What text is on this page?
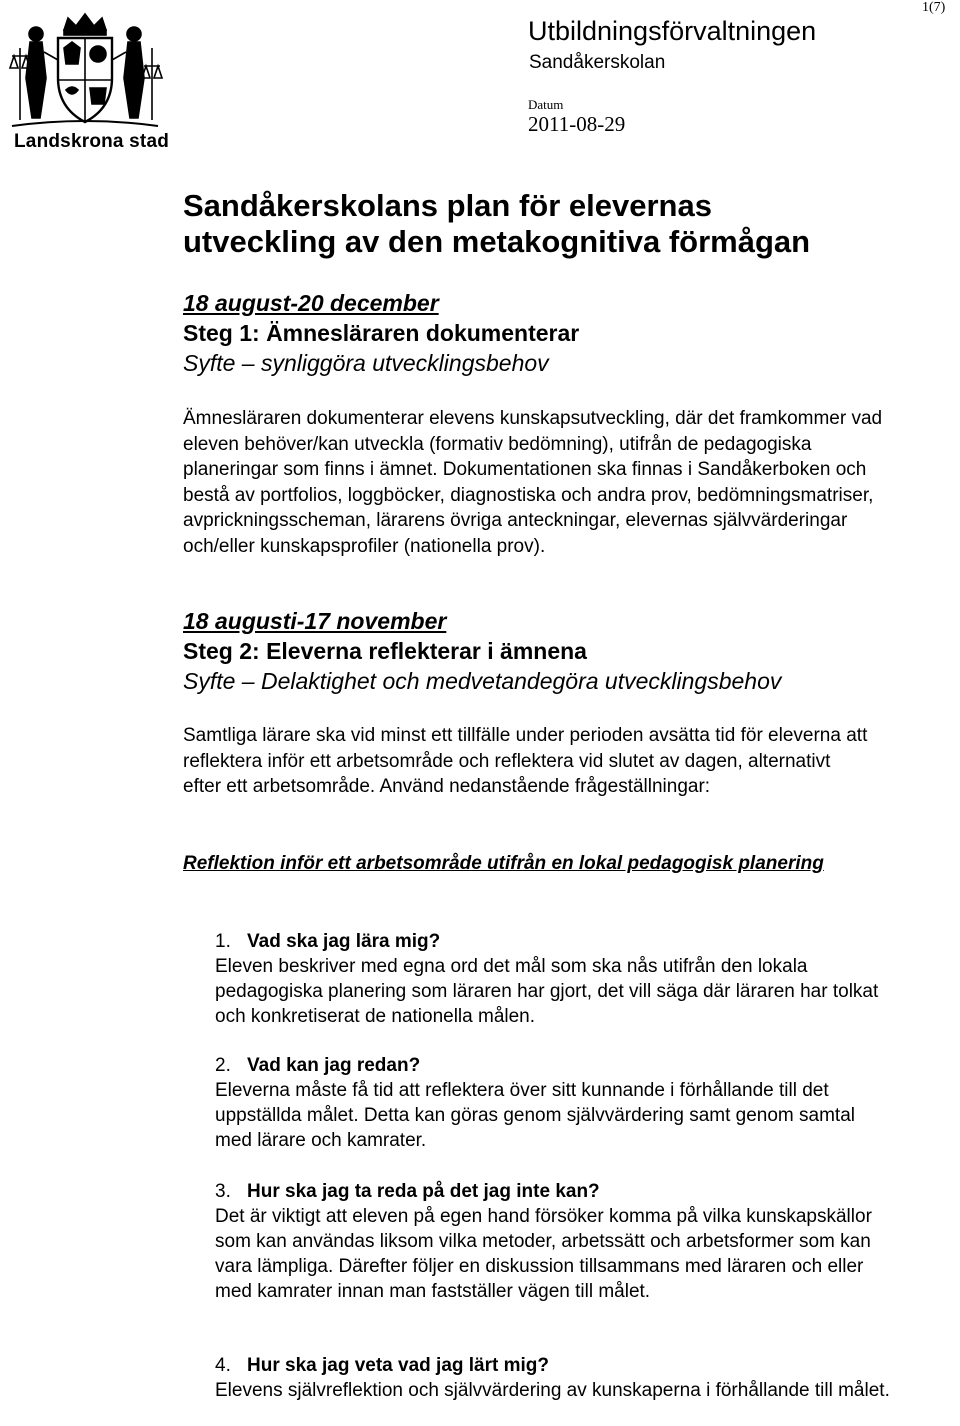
Landskrona stad
1(7)
Utbildningsförvaltningen
Sandåkerskolan
Datum
2011-08-29
Sandåkerskolans plan för elevernas
utveckling av den metakognitiva förmågan
18 august-20 december
Steg 1: Ämnesläraren dokumenterar
Syfte – synliggöra utvecklingsbehov
Ämnesläraren dokumenterar elevens kunskapsutveckling, där det framkommer vad eleven behöver/kan utveckla (formativ bedömning), utifrån de pedagogiska planeringar som finns i ämnet. Dokumentationen ska finnas i Sandåkerboken och bestå av portfolios, loggböcker, diagnostiska och andra prov, bedömningsmatriser, avprickningsscheman, lärarens övriga anteckningar, elevernas självvärderingar och/eller kunskapsprofiler (nationella prov).
18 augusti-17 november
Steg 2: Eleverna reflekterar i ämnena
Syfte – Delaktighet och medvetandegöra utvecklingsbehov
Samtliga lärare ska vid minst ett tillfälle under perioden avsätta tid för eleverna att reflektera inför ett arbetsområde och reflektera vid slutet av dagen, alternativt efter ett arbetsområde. Använd nedanstående frågeställningar:
Reflektion inför ett arbetsområde utifrån en lokal pedagogisk planering
1. Vad ska jag lära mig?
Eleven beskriver med egna ord det mål som ska nås utifrån den lokala pedagogiska planering som läraren har gjort, det vill säga där läraren har tolkat och konkretiserat de nationella målen.
2. Vad kan jag redan?
Eleverna måste få tid att reflektera över sitt kunnande i förhållande till det uppställda målet. Detta kan göras genom självvärdering samt genom samtal med lärare och kamrater.
3. Hur ska jag ta reda på det jag inte kan?
Det är viktigt att eleven på egen hand försöker komma på vilka kunskapskällor som kan användas liksom vilka metoder, arbetssätt och arbetsformer som kan vara lämpliga. Därefter följer en diskussion tillsammans med läraren och eller med kamrater innan man fastställer vägen till målet.
4. Hur ska jag veta vad jag lärt mig?
Elevens självreflektion och självvärdering av kunskaperna i förhållande till målet.
